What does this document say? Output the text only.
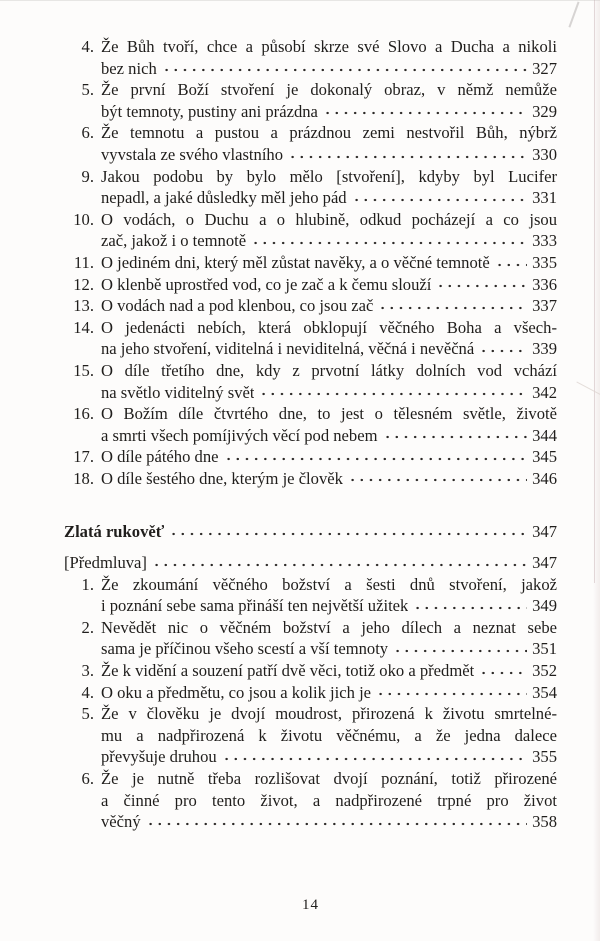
4. Že Bůh tvoří, chce a působí skrze své Slovo a Ducha a nikoli
bez nich	327
5. Že první Boží stvoření je dokonalý obraz, v němž nemůže
být temnoty, pustiny ani prázdna	329
6. Že temnotu a pustou a prázdnou zemi nestvořil Bůh, nýbrž
vyvstala ze svého vlastního	330
9. Jakou podobu by bylo mělo [stvoření], kdyby byl Lucifer
nepadl, a jaké důsledky měl jeho pád	331
10. O vodách, o Duchu a o hlubině, odkud pocházejí a co jsou
zač, jakož i o temnotě	333
11. O jediném dni, který měl zůstat navěky, a o věčné temnotě	335
12. O klenbě uprostřed vod, co je zač a k čemu slouží	336
13. O vodách nad a pod klenbou, co jsou zač	337
14. O jedenácti nebích, která obklopují věčného Boha a všech-
na jeho stvoření, viditelná i neviditelná, věčná i nevěčná	339
15. O díle třetího dne, kdy z prvotní látky dolních vod vchází
na světlo viditelný svět	342
16. O Božím díle čtvrtého dne, to jest o tělesném světle, životě
a smrti všech pomíjivých věcí pod nebem	344
17. O díle pátého dne	345
18. O díle šestého dne, kterým je člověk	346
Zlatá rukověť	347
[Předmluva]	347
1. Že zkoumání věčného božství a šesti dnů stvoření, jakož
i poznání sebe sama přináší ten největší užitek	349
2. Nevědět nic o věčném božství a jeho dílech a neznat sebe
sama je příčinou všeho scestí a vší temnoty	351
3. Že k vidění a souzení patří dvě věci, totiž oko a předmět	352
4. O oku a předmětu, co jsou a kolik jich je	354
5. Že v člověku je dvojí moudrost, přirozená k životu smrtelné-
mu a nadpřirozená k životu věčnému, a že jedna dalece
převyšuje druhou	355
6. Že je nutně třeba rozlišovat dvojí poznání, totiž přirozené
a činné pro tento život, a nadpřirozené trpné pro život
věčný	358
14
